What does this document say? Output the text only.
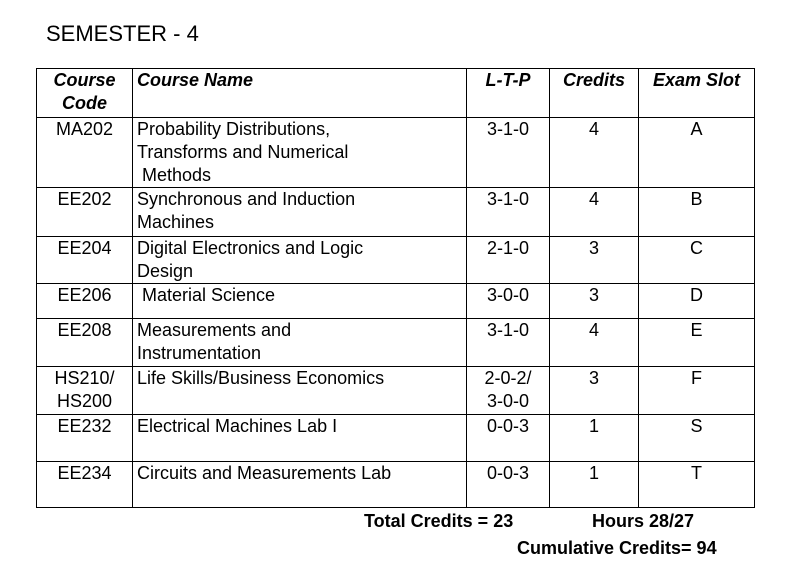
SEMESTER - 4
Course
Code	Course Name	L-T-P	Credits	Exam Slot
MA202	Probability Distributions,
Transforms and Numerical
Methods	3-1-0	4	A
EE202	Synchronous and Induction
Machines	3-1-0	4	B
EE204	Digital Electronics and Logic
Design	2-1-0	3	C
EE206	Material Science	3-0-0	3	D
EE208	Measurements and
Instrumentation	3-1-0	4	E
HS210/
HS200	Life Skills/Business Economics	2-0-2/
3-0-0	3	F
EE232	Electrical Machines Lab I	0-0-3	1	S
EE234	Circuits and Measurements Lab	0-0-3	1	T
Total Credits = 23	Hours 28/27
Cumulative Credits= 94
